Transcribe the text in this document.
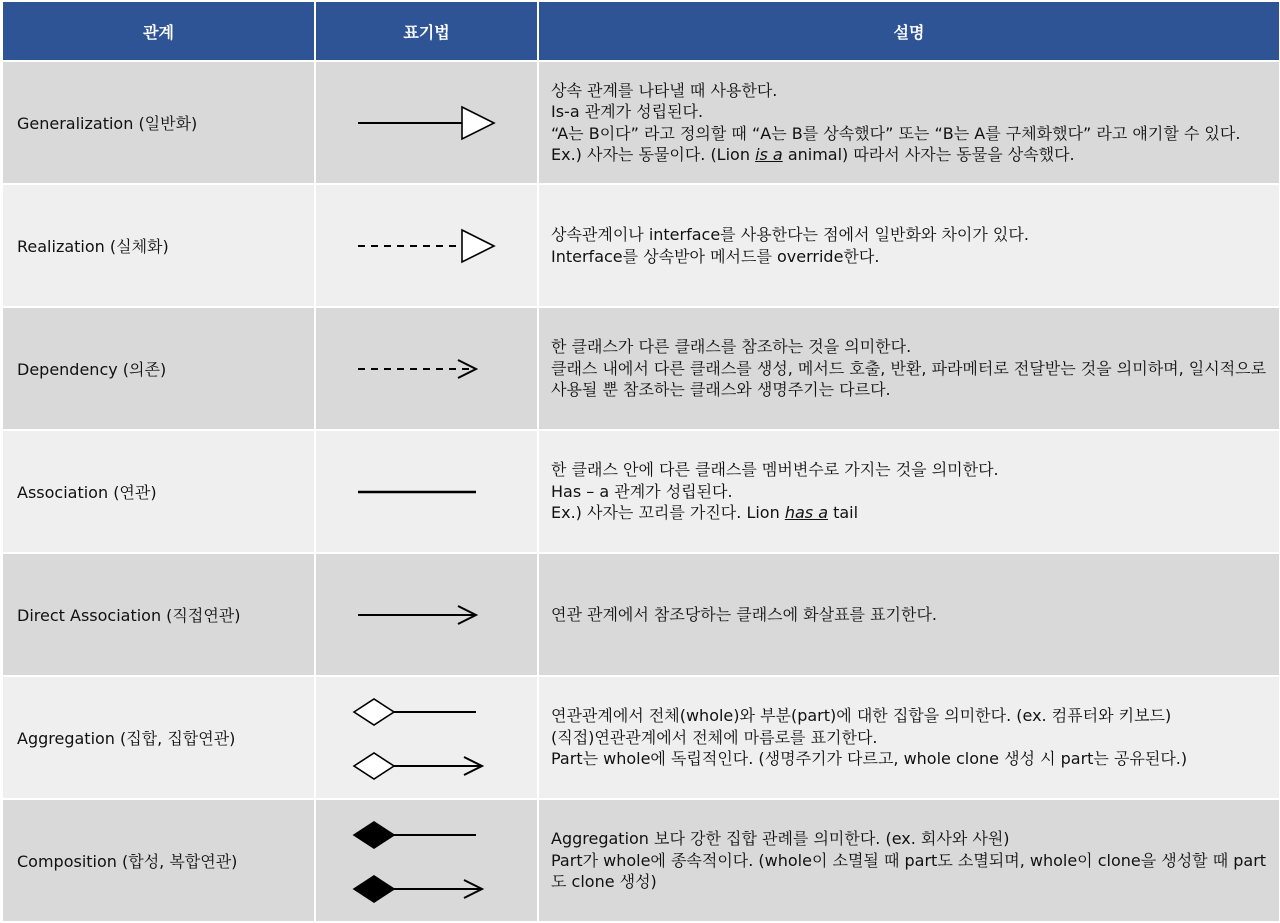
관계	표기법	설명
Generalization (일반화)		상속 관계를 나타낼 때 사용한다.
Is-a 관계가 성립된다.
“A는 B이다” 라고 정의할 때 “A는 B를 상속했다” 또는 “B는 A를 구체화했다” 라고 얘기할 수 있다.
Ex.) 사자는 동물이다. (Lion is a animal) 따라서 사자는 동물을 상속했다.

Realization (실체화)		상속관계이나 interface를 사용한다는 점에서 일반화와 차이가 있다.
Interface를 상속받아 메서드를 override한다.

Dependency (의존)		한 클래스가 다른 클래스를 참조하는 것을 의미한다.
클래스 내에서 다른 클래스를 생성, 메서드 호출, 반환, 파라메터로 전달받는 것을 의미하며, 일시적으로 사용될 뿐 참조하는 클래스와 생명주기는 다르다.

Association (연관)		한 클래스 안에 다른 클래스를 멤버변수로 가지는 것을 의미한다.
Has – a 관계가 성립된다.
Ex.) 사자는 꼬리를 가진다. Lion has a tail

Direct Association (직접연관)		연관 관계에서 참조당하는 클래스에 화살표를 표기한다.

Aggregation (집합, 집합연관)		연관관계에서 전체(whole)와 부분(part)에 대한 집합을 의미한다. (ex. 컴퓨터와 키보드)
(직접)연관관계에서 전체에 마름로를 표기한다.
Part는 whole에 독립적인다. (생명주기가 다르고, whole clone 생성 시 part는 공유된다.)

Composition (합성, 복합연관)		Aggregation 보다 강한 집합 관례를 의미한다. (ex. 회사와 사원)
Part가 whole에 종속적이다. (whole이 소멸될 때 part도 소멸되며, whole이 clone을 생성할 때 part도 clone 생성)
